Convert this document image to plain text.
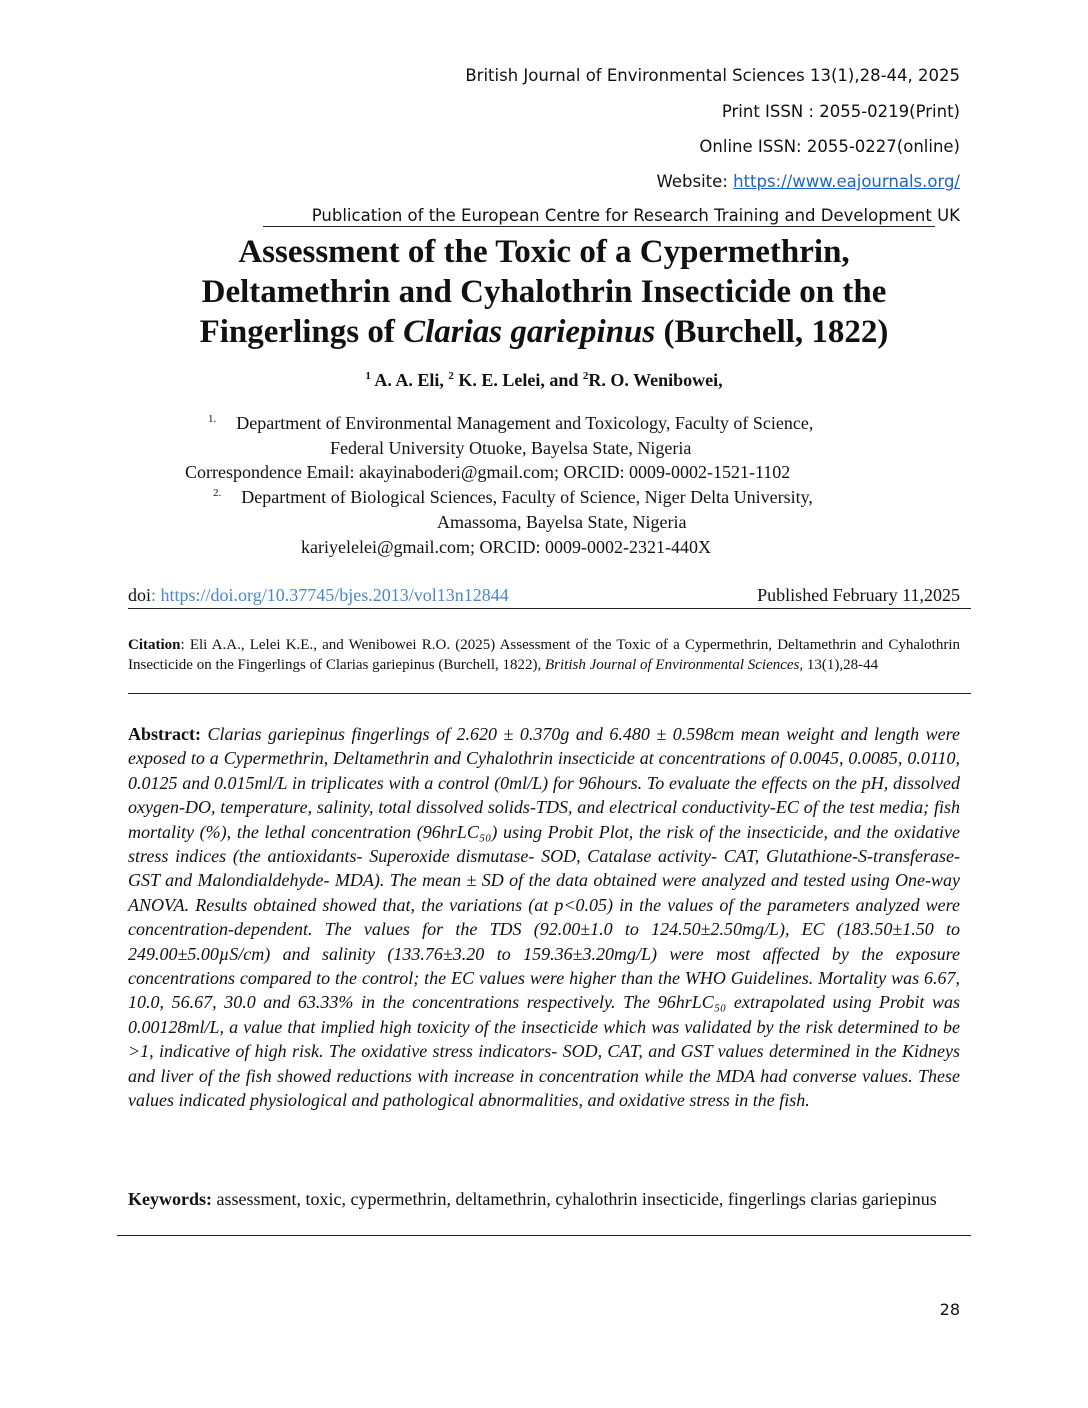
British Journal of Environmental Sciences 13(1),28-44, 2025
Print ISSN : 2055-0219(Print)
Online ISSN: 2055-0227(online)
Website: https://www.eajournals.org/
Publication of the European Centre for Research Training and Development UK
Assessment of the Toxic of a Cypermethrin,
Deltamethrin and Cyhalothrin Insecticide on the
Fingerlings of Clarias gariepinus (Burchell, 1822)
$^1$ A. A. Eli, $^2$ K. E. Lelei, and $^2$R. O. Wenibowei,
$^{1.}$ Department of Environmental Management and Toxicology, Faculty of Science,
Federal University Otuoke, Bayelsa State, Nigeria
Correspondence Email: akayinaboderi@gmail.com; ORCID: 0009-0002-1521-1102
$^{2.}$ Department of Biological Sciences, Faculty of Science, Niger Delta University,
Amassoma, Bayelsa State, Nigeria
kariyelelei@gmail.com; ORCID: 0009-0002-2321-440X
doi: https://doi.org/10.37745/bjes.2013/vol13n12844	Published February 11,2025
Citation: Eli A.A., Lelei K.E., and Wenibowei R.O. (2025) Assessment of the Toxic of a Cypermethrin, Deltamethrin and Cyhalothrin Insecticide on the Fingerlings of Clarias gariepinus (Burchell, 1822), British Journal of Environmental Sciences, 13(1),28-44
Abstract: Clarias gariepinus fingerlings of 2.620 ± 0.370g and 6.480 ± 0.598cm mean weight and length were exposed to a Cypermethrin, Deltamethrin and Cyhalothrin insecticide at concentrations of 0.0045, 0.0085, 0.0110, 0.0125 and 0.015ml/L in triplicates with a control (0ml/L) for 96hours. To evaluate the effects on the pH, dissolved oxygen-DO, temperature, salinity, total dissolved solids-TDS, and electrical conductivity-EC of the test media; fish mortality (%), the lethal concentration (96hrLC₅₀) using Probit Plot, the risk of the insecticide, and the oxidative stress indices (the antioxidants- Superoxide dismutase- SOD, Catalase activity- CAT, Glutathione-S-transferase- GST and Malondialdehyde- MDA). The mean ± SD of the data obtained were analyzed and tested using One-way ANOVA. Results obtained showed that, the variations (at p<0.05) in the values of the parameters analyzed were concentration-dependent. The values for the TDS (92.00±1.0 to 124.50±2.50mg/L), EC (183.50±1.50 to 249.00±5.00µS/cm) and salinity (133.76±3.20 to 159.36±3.20mg/L) were most affected by the exposure concentrations compared to the control; the EC values were higher than the WHO Guidelines. Mortality was 6.67, 10.0, 56.67, 30.0 and 63.33% in the concentrations respectively. The 96hrLC₅₀ extrapolated using Probit was 0.00128ml/L, a value that implied high toxicity of the insecticide which was validated by the risk determined to be >1, indicative of high risk. The oxidative stress indicators- SOD, CAT, and GST values determined in the Kidneys and liver of the fish showed reductions with increase in concentration while the MDA had converse values. These values indicated physiological and pathological abnormalities, and oxidative stress in the fish.
Keywords: assessment, toxic, cypermethrin, deltamethrin, cyhalothrin insecticide, fingerlings clarias gariepinus
28
